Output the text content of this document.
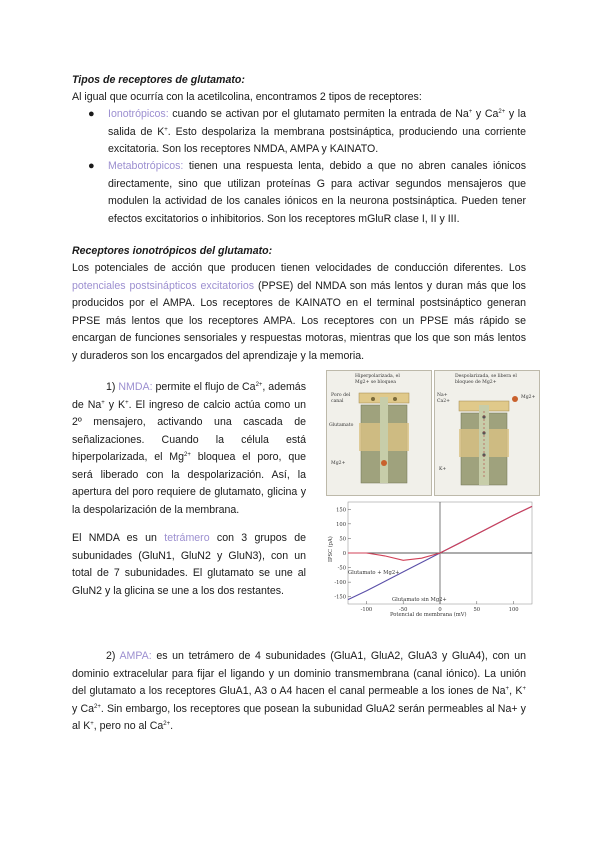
Tipos de receptores de glutamato:
Al igual que ocurría con la acetilcolina, encontramos 2 tipos de receptores:
● Ionotrópicos: cuando se activan por el glutamato permiten la entrada de Na+ y $Ca^{2+}$ y la salida de K+. Esto despolariza la membrana postsináptica, produciendo una corriente excitatoria. Son los receptores NMDA, AMPA y KAINATO.
● Metabotrópicos: tienen una respuesta lenta, debido a que no abren canales iónicos directamente, sino que utilizan proteínas G para activar segundos mensajeros que modulen la actividad de los canales iónicos en la neurona postsináptica. Pueden tener efectos excitatorios o inhibitorios. Son los receptores mGluR clase I, II y III.
Receptores ionotrópicos del glutamato:
Los potenciales de acción que producen tienen velocidades de conducción diferentes. Los potenciales postsinápticos excitatorios (PPSE) del NMDA son más lentos y duran más que los producidos por el AMPA. Los receptores de KAINATO en el terminal postsináptico generan PPSE más lentos que los receptores AMPA. Los receptores con un PPSE más rápido se encargan de funciones sensoriales y respuestas motoras, mientras que los que son más lentos y duraderos son los encargados del aprendizaje y la memoria.
1) NMDA: permite el flujo de $Ca^{2+}$, además de Na+ y K+. El ingreso de calcio actúa como un 2º mensajero, activando una cascada de señalizaciones. Cuando la célula está hiperpolarizada, el $Mg^{2+}$ bloquea el poro, que será liberado con la despolarización. Así, la apertura del poro requiere de glutamato, glicina y la despolarización de la membrana.
El NMDA es un tetrámero con 3 grupos de subunidades (GluN1, GluN2 y GluN3), con un total de 7 subunidades. El glutamato se une al GluN2 y la glicina se une a los dos restantes.
Hiperpolarizada, el Mg2+ se bloquea
Poro del canal
Glutamato
Mg2+
Despolarizada, se libera el bloqueo de Mg2+
Na+ Ca2+
K+
Mg2+
150
100
50
0
-50
-100
-150
-100	-50	0	50	100
Potencial de membrana (mV)
IPSC (pA)
Glutamato + Mg2+
Glutamato sin Mg2+
2) AMPA: es un tetrámero de 4 subunidades (GluA1, GluA2, GluA3 y GluA4), con un dominio extracelular para fijar el ligando y un dominio transmembrana (canal iónico). La unión del glutamato a los receptores GluA1, A3 o A4 hacen el canal permeable a los iones de Na+, K+ y $Ca^{2+}$. Sin embargo, los receptores que posean la subunidad GluA2 serán permeables al Na+ y al K+, pero no al $Ca^{2+}$.
